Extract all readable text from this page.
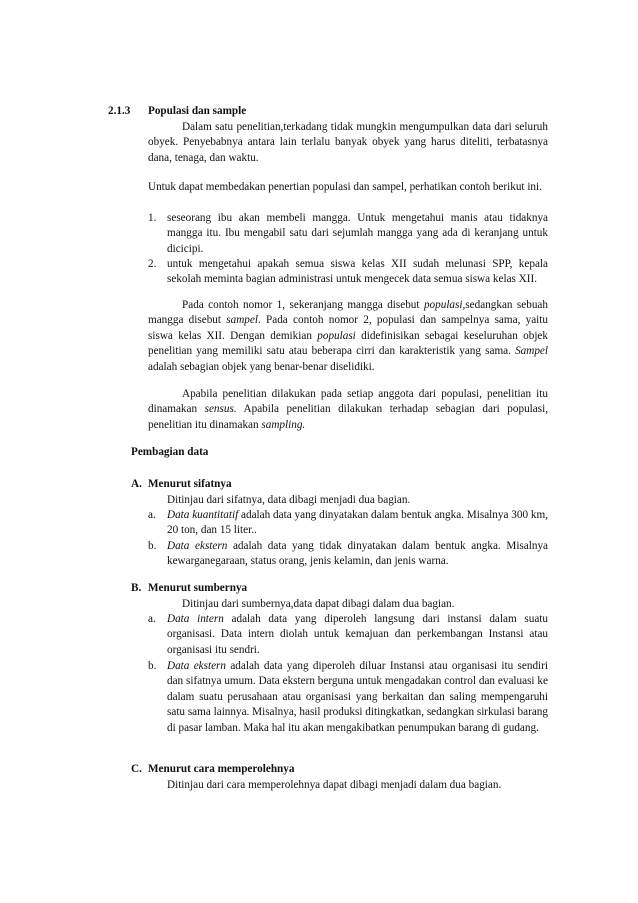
2.1.3 Populasi dan sample
Dalam satu penelitian,terkadang tidak mungkin mengumpulkan data dari seluruh obyek. Penyebabnya antara lain terlalu banyak obyek yang harus diteliti, terbatasnya dana, tenaga, dan waktu.
Untuk dapat membedakan penertian populasi dan sampel, perhatikan contoh berikut ini.
1. seseorang ibu akan membeli mangga. Untuk mengetahui manis atau tidaknya mangga itu. Ibu mengabil satu dari sejumlah mangga yang ada di keranjang untuk dicicipi.
2. untuk mengetahui apakah semua siswa kelas XII sudah melunasi SPP, kepala sekolah meminta bagian administrasi untuk mengecek data semua siswa kelas XII.
Pada contoh nomor 1, sekeranjang mangga disebut populasi,sedangkan sebuah mangga disebut sampel. Pada contoh nomor 2, populasi dan sampelnya sama, yaitu siswa kelas XII. Dengan demikian populasi didefinisikan sebagai keseluruhan objek penelitian yang memiliki satu atau beberapa cirri dan karakteristik yang sama. Sampel adalah sebagian objek yang benar-benar diselidiki.
Apabila penelitian dilakukan pada setiap anggota dari populasi, penelitian itu dinamakan sensus. Apabila penelitian dilakukan terhadap sebagian dari populasi, penelitian itu dinamakan sampling.
Pembagian data
A. Menurut sifatnya
Ditinjau dari sifatnya, data dibagi menjadi dua bagian.
a. Data kuantitatif adalah data yang dinyatakan dalam bentuk angka. Misalnya 300 km, 20 ton, dan 15 liter..
b. Data ekstern adalah data yang tidak dinyatakan dalam bentuk angka. Misalnya kewarganegaraan, status orang, jenis kelamin, dan jenis warna.
B. Menurut sumbernya
Ditinjau dari sumbernya,data dapat dibagi dalam dua bagian.
a. Data intern adalah data yang diperoleh langsung dari instansi dalam suatu organisasi. Data intern diolah untuk kemajuan dan perkembangan Instansi atau organisasi itu sendri.
b. Data ekstern adalah data yang diperoleh diluar Instansi atau organisasi itu sendiri dan sifatnya umum. Data ekstern berguna untuk mengadakan control dan evaluasi ke dalam suatu perusahaan atau organisasi yang berkaitan dan saling mempengaruhi satu sama lainnya. Misalnya, hasil produksi ditingkatkan, sedangkan sirkulasi barang di pasar lamban. Maka hal itu akan mengakibatkan penumpukan barang di gudang.
C. Menurut cara memperolehnya
Ditinjau dari cara memperolehnya dapat dibagi menjadi dalam dua bagian.
